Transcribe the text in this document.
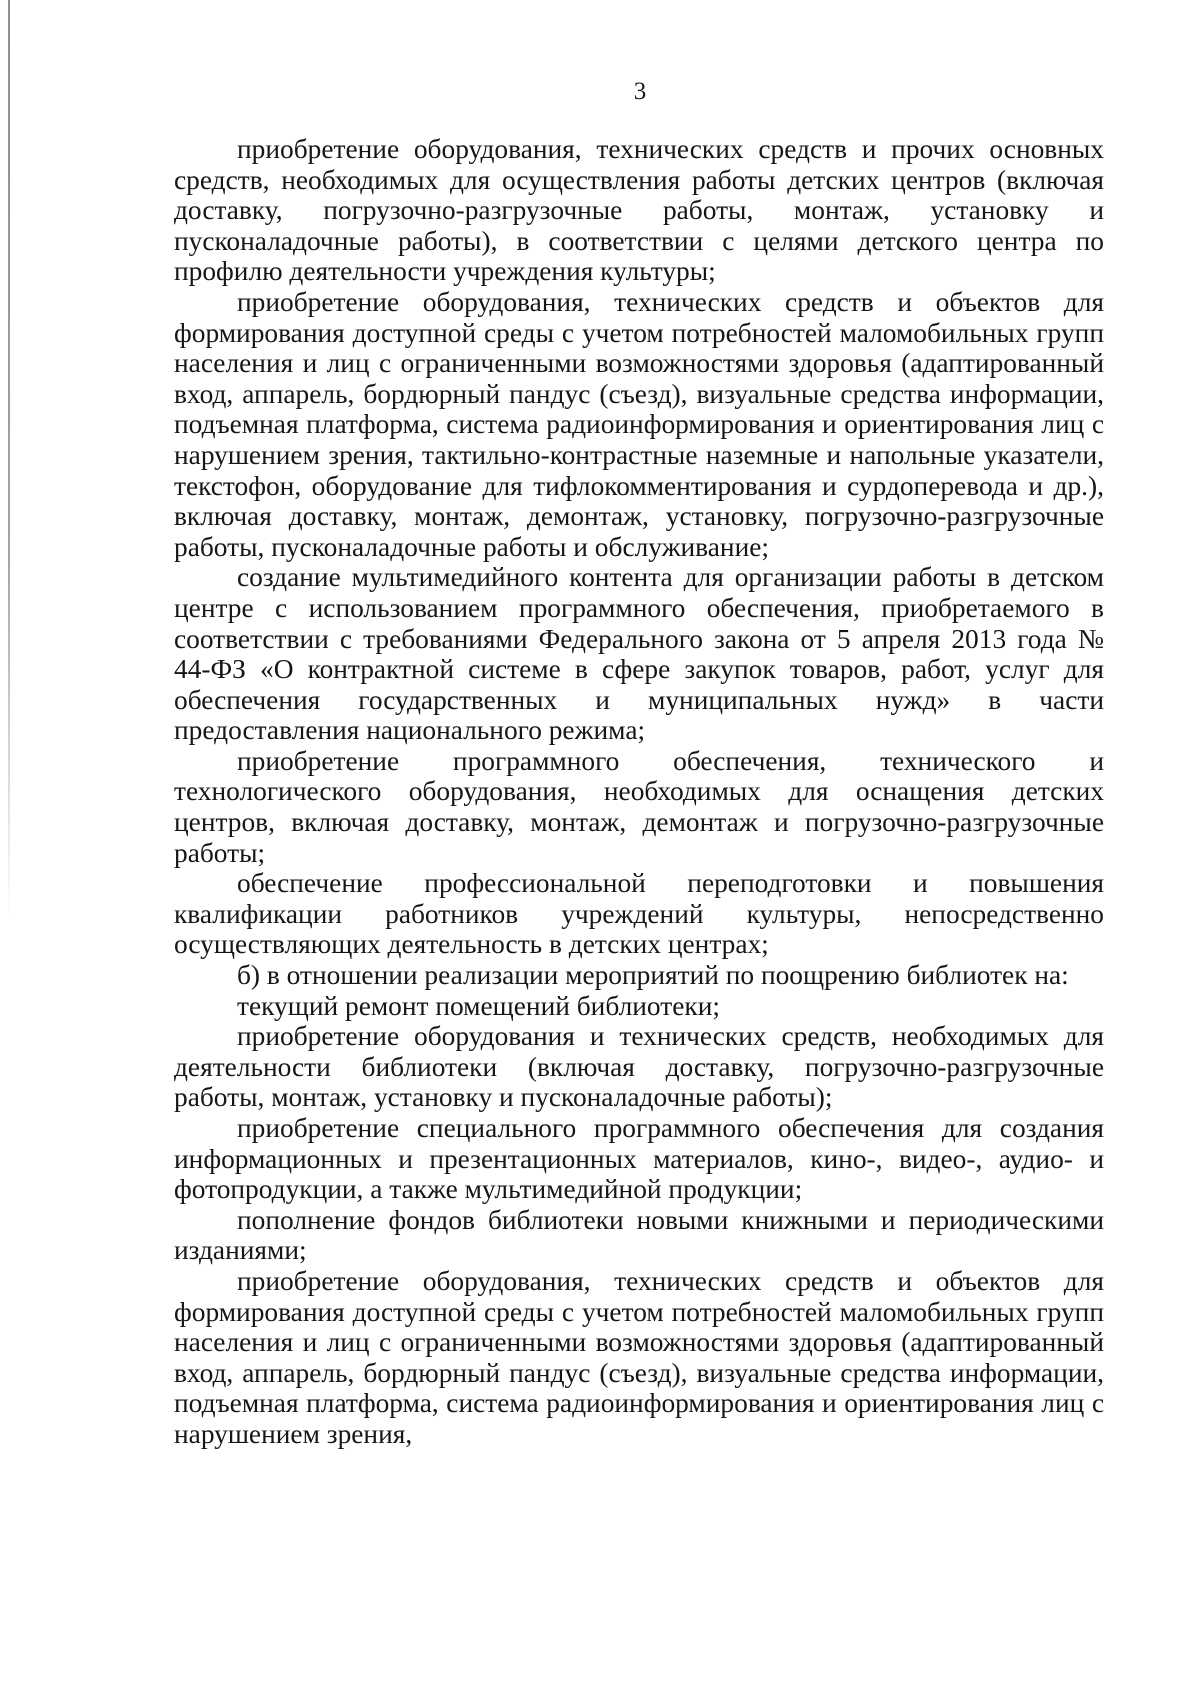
3

приобретение оборудования, технических средств и прочих основных средств, необходимых для осуществления работы детских центров (включая доставку, погрузочно-разгрузочные работы, монтаж, установку и пусконаладочные работы), в соответствии с целями детского центра по профилю деятельности учреждения культуры;

приобретение оборудования, технических средств и объектов для формирования доступной среды с учетом потребностей маломобильных групп населения и лиц с ограниченными возможностями здоровья (адаптированный вход, аппарель, бордюрный пандус (съезд), визуальные средства информации, подъемная платформа, система радиоинформирования и ориентирования лиц с нарушением зрения, тактильно-контрастные наземные и напольные указатели, текстофон, оборудование для тифлокомментирования и сурдоперевода и др.), включая доставку, монтаж, демонтаж, установку, погрузочно-разгрузочные работы, пусконаладочные работы и обслуживание;

создание мультимедийного контента для организации работы в детском центре с использованием программного обеспечения, приобретаемого в соответствии с требованиями Федерального закона от 5 апреля 2013 года № 44-ФЗ «О контрактной системе в сфере закупок товаров, работ, услуг для обеспечения государственных и муниципальных нужд» в части предоставления национального режима;

приобретение программного обеспечения, технического и технологического оборудования, необходимых для оснащения детских центров, включая доставку, монтаж, демонтаж и погрузочно-разгрузочные работы;

обеспечение профессиональной переподготовки и повышения квалификации работников учреждений культуры, непосредственно осуществляющих деятельность в детских центрах;

б) в отношении реализации мероприятий по поощрению библиотек на:

текущий ремонт помещений библиотеки;

приобретение оборудования и технических средств, необходимых для деятельности библиотеки (включая доставку, погрузочно-разгрузочные работы, монтаж, установку и пусконаладочные работы);

приобретение специального программного обеспечения для создания информационных и презентационных материалов, кино-, видео-, аудио- и фотопродукции, а также мультимедийной продукции;

пополнение фондов библиотеки новыми книжными и периодическими изданиями;

приобретение оборудования, технических средств и объектов для формирования доступной среды с учетом потребностей маломобильных групп населения и лиц с ограниченными возможностями здоровья (адаптированный вход, аппарель, бордюрный пандус (съезд), визуальные средства информации, подъемная платформа, система радиоинформирования и ориентирования лиц с нарушением зрения,
